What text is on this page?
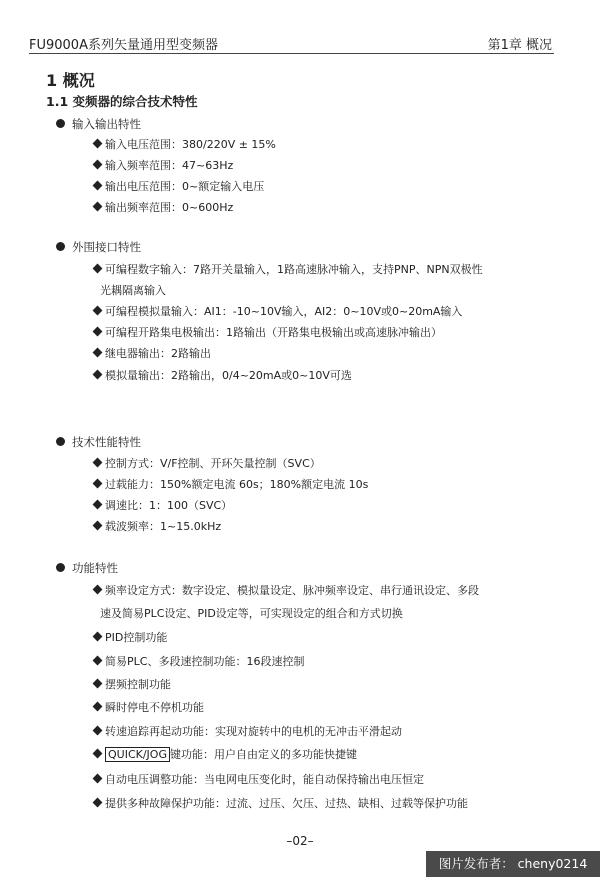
FU9000A系列矢量通用型变频器	第1章 概况
1 概况
1.1 变频器的综合技术特性
输入输出特性
输入电压范围：380/220V ± 15%
输入频率范围：47~63Hz
输出电压范围：0~额定输入电压
输出频率范围：0~600Hz
外围接口特性
可编程数字输入：7路开关量输入，1路高速脉冲输入，支持PNP、NPN双极性
光耦隔离输入
可编程模拟量输入：AI1：-10~10V输入，AI2：0~10V或0~20mA输入
可编程开路集电极输出：1路输出（开路集电极输出或高速脉冲输出）
继电器输出：2路输出
模拟量输出：2路输出，0/4~20mA或0~10V可选
技术性能特性
控制方式：V/F控制、开环矢量控制（SVC）
过载能力：150%额定电流 60s；180%额定电流 10s
调速比：1：100（SVC）
载波频率：1~15.0kHz
功能特性
频率设定方式：数字设定、模拟量设定、脉冲频率设定、串行通讯设定、多段
速及简易PLC设定、PID设定等，可实现设定的组合和方式切换
PID控制功能
简易PLC、多段速控制功能：16段速控制
摆频控制功能
瞬时停电不停机功能
转速追踪再起动功能：实现对旋转中的电机的无冲击平滑起动
QUICK/JOG 键功能：用户自由定义的多功能快捷键
自动电压调整功能：当电网电压变化时，能自动保持输出电压恒定
提供多种故障保护功能：过流、过压、欠压、过热、缺相、过载等保护功能
–02–
图片发布者： cheny0214
